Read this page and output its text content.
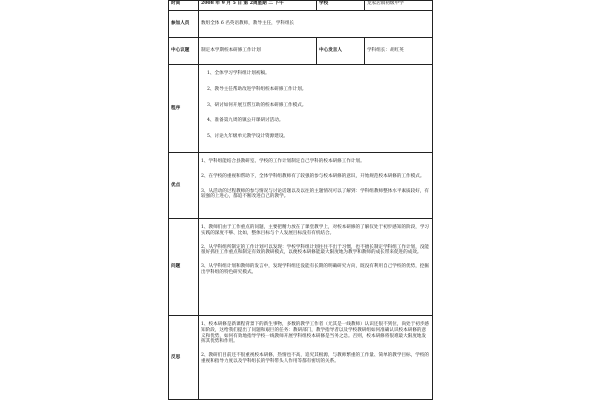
时间	2008 年 9 月 5 日 第 2周星期 二 下午	学校	龙家店镇初级中学
参加人员	数组全体 6 名英语教师，教导主任，学科组长		
中心议题	制定本学期校本研修工作计划	中心发言人	学科组长：胡红英
程序	1、全体学习学科组计划初稿。

2、教导主任帮助改进学科组校本研修工作计划。

3、研讨如何开展互帮互助的校本研修工作模式。

4、准备第九周的镇公开课研讨活动。

5、讨论九年级单元教学设计资源建设。		

优点	1、学科组能结合县教研室、学校的工作计划制定自己学科的校本研修工作计划。

2、在学校的重视和帮助下，全体学科组教师有了较强的参与校本研修的意识，开始规范校本研修的工作模式。

3、从活动的过程教师的参与情况与讨论话题以及以往的主题情况可以了解到：学科组教师整体水平素质较好，有较强的上进心，都追不断改进自己的教学。		

问题	1、教师们由于工作重点的问题，主要把精力放在了课堂教学上，对校本研修的了解仅处于初步感知的阶段，学习实践的深度不够、比如，整体目标与个人发展目标没有有机结合。

2、从学科组所制定的工作计划可以发现：学校学科组计划往往不出于习惯，也不擅长制定学科组工作计划，没能很好抓住工作重点和制定有效的教研模式，以便校本研修能最大限度地为教学和教师的成长带来促进的成效。

3、从学科组计划和教师的发言中，发现学科组还没能有长期的明确研究方向，既没有利用自己学校的优势，挖掘出学科组的特色研究模式。		

反思	1、校本研修是新课程背景下的新生事物，多数的教学工作者（尤其是一线教师）认识还很不到位，尚处于初步感知阶段，这给我们提出了问题和艰巨的任务：教研部门，教学指导者以及学校教研组如何准确认识校本研修的意义和优势，如何有效地指导学校一线教师开展学科组校本研修是当务之急。否则，校本研修将很难最大限度地发挥其优势和作用。

2、教研们目前还不很重视校本研修，热情也不高，追究其根源，与教师繁重的工作量、简单的教学目标，学校的重视和指导力度以及学科组长的学科带头人作用等都有密切的关系。		
